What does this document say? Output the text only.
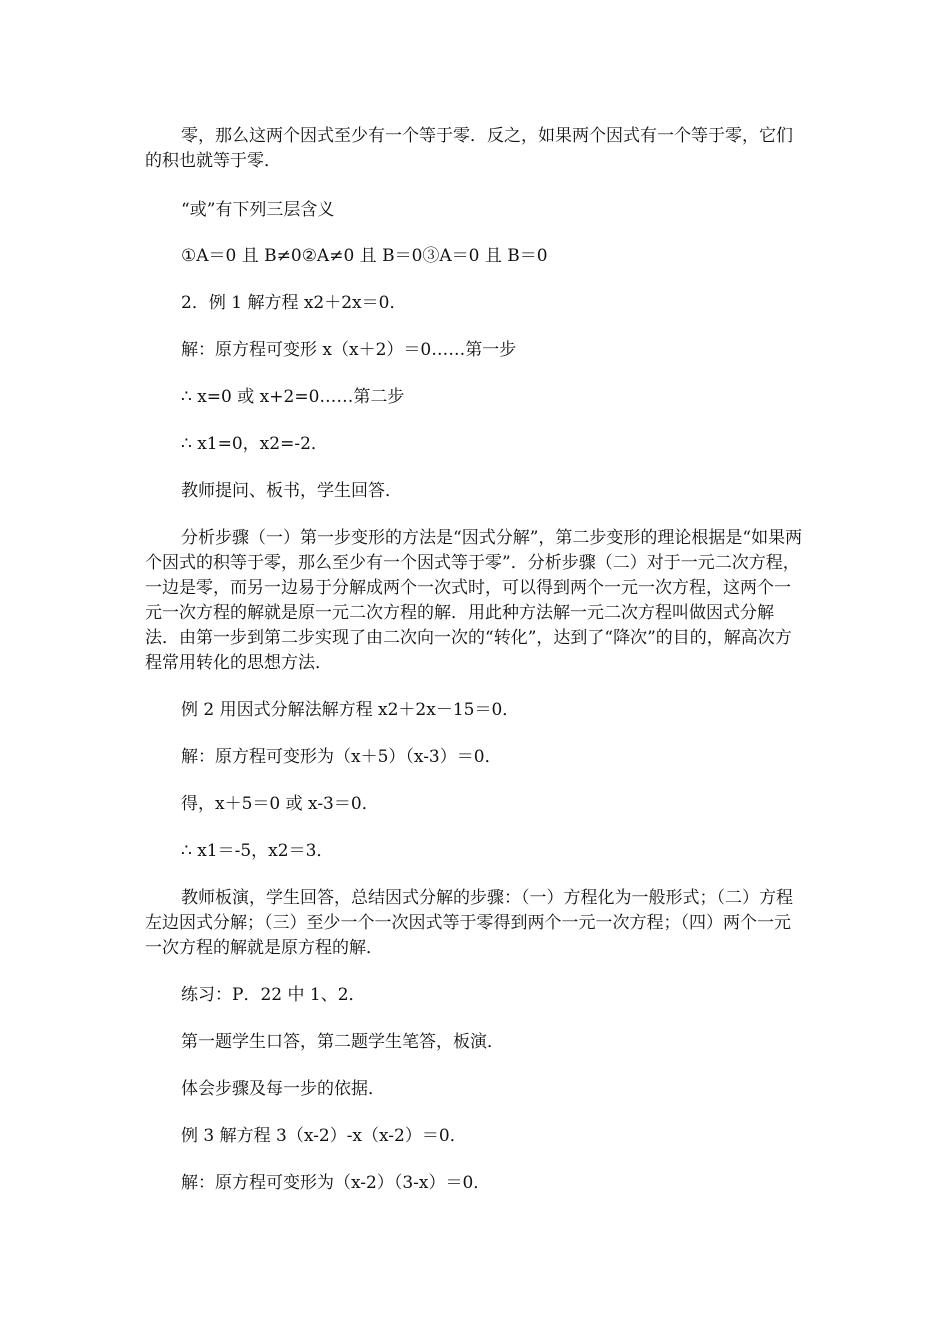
零，那么这两个因式至少有一个等于零．反之，如果两个因式有一个等于零，它们的积也就等于零．

“或”有下列三层含义

①A＝0 且 B≠0②A≠0 且 B＝0③A＝0 且 B＝0

2．例 1 解方程 x2＋2x＝0．

解：原方程可变形 x（x＋2）＝0……第一步

∴ x=0 或 x+2=0……第二步

∴ x1=0，x2=-2．

教师提问、板书，学生回答．

分析步骤（一）第一步变形的方法是“因式分解”，第二步变形的理论根据是“如果两个因式的积等于零，那么至少有一个因式等于零”．分析步骤（二）对于一元二次方程，一边是零，而另一边易于分解成两个一次式时，可以得到两个一元一次方程，这两个一元一次方程的解就是原一元二次方程的解．用此种方法解一元二次方程叫做因式分解法．由第一步到第二步实现了由二次向一次的“转化”，达到了“降次”的目的，解高次方程常用转化的思想方法．

例 2 用因式分解法解方程 x2＋2x－15＝0．

解：原方程可变形为（x＋5）（x-3）＝0．

得，x＋5＝0 或 x-3＝0．

∴ x1＝-5，x2＝3．

教师板演，学生回答，总结因式分解的步骤：（一）方程化为一般形式；（二）方程左边因式分解；（三）至少一个一次因式等于零得到两个一元一次方程；（四）两个一元一次方程的解就是原方程的解．

练习：P．22 中 1、2．

第一题学生口答，第二题学生笔答，板演．

体会步骤及每一步的依据．

例 3 解方程 3（x-2）-x（x-2）＝0．

解：原方程可变形为（x-2）（3-x）＝0．
